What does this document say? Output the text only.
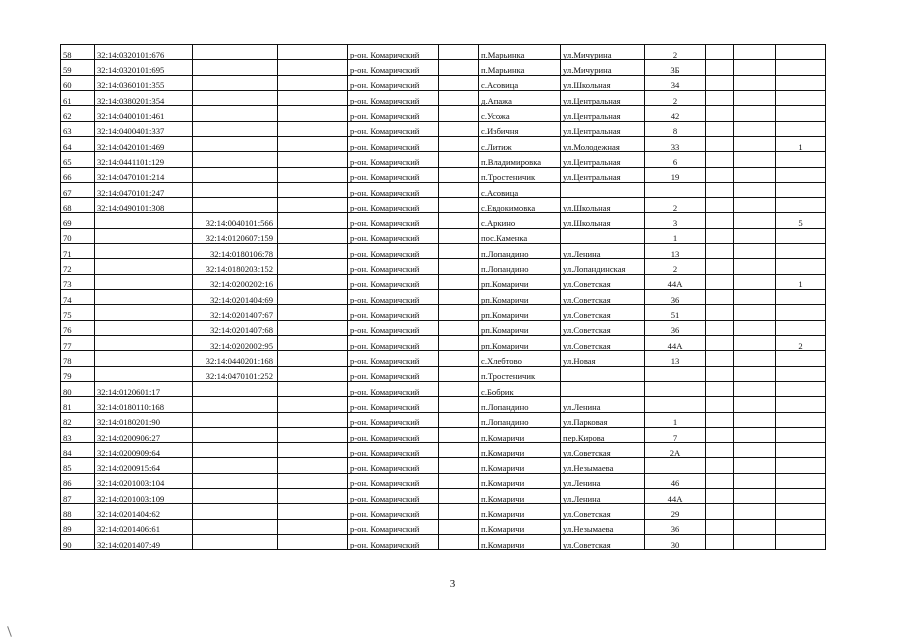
58	32:14:0320101:676			р-он. Комаричский		п.Марьинка	ул.Мичурина	2			
59	32:14:0320101:695			р-он. Комаричский		п.Марьинка	ул.Мичурина	3Б			
60	32:14:0360101:355			р-он. Комаричский		с.Асовица	ул.Школьная	34			
61	32:14:0380201:354			р-он. Комаричский		д.Апажа	ул.Центральная	2			
62	32:14:0400101:461			р-он. Комаричский		с.Усожа	ул.Центральная	42			
63	32:14:0400401:337			р-он. Комаричский		с.Избичня	ул.Центральная	8			
64	32:14:0420101:469			р-он. Комаричский		с.Литиж	ул.Молодежная	33			1
65	32:14:0441101:129			р-он. Комаричский		п.Владимировка	ул.Центральная	6			
66	32:14:0470101:214			р-он. Комаричский		п.Тростеничик	ул.Центральная	19			
67	32:14:0470101:247			р-он. Комаричский		с.Асовица					
68	32:14:0490101:308			р-он. Комаричский		с.Евдокимовка	ул.Школьная	2			
69		32:14:0040101:566		р-он. Комаричский		с.Аркино	ул.Школьная	3			5
70		32:14:0120607:159		р-он. Комаричский		пос.Каменка		1			
71		32:14:0180106:78		р-он. Комаричский		п.Лопандино	ул.Ленина	13			
72		32:14:0180203:152		р-он. Комаричский		п.Лопандино	ул.Лопандинская	2			
73		32:14:0200202:16		р-он. Комаричский		рп.Комаричи	ул.Советская	44А			1
74		32:14:0201404:69		р-он. Комаричский		рп.Комаричи	ул.Советская	36			
75		32:14:0201407:67		р-он. Комаричский		рп.Комаричи	ул.Советская	51			
76		32:14:0201407:68		р-он. Комаричский		рп.Комаричи	ул.Советская	36			
77		32:14:0202002:95		р-он. Комаричский		рп.Комаричи	ул.Советская	44А			2
78		32:14:0440201:168		р-он. Комаричский		с.Хлебтово	ул.Новая	13			
79		32:14:0470101:252		р-он. Комаричский		п.Тростеничик					
80	32:14:0120601:17			р-он. Комаричский		с.Бобрик					
81	32:14:0180110:168			р-он. Комаричский		п.Лопандино	ул.Ленина				
82	32:14:0180201:90			р-он. Комаричский		п.Лопандино	ул.Парковая	1			
83	32:14:0200906:27			р-он. Комаричский		п.Комаричи	пер.Кирова	7			
84	32:14:0200909:64			р-он. Комаричский		п.Комаричи	ул.Советская	2А			
85	32:14:0200915:64			р-он. Комаричский		п.Комаричи	ул.Незымаева				
86	32:14:0201003:104			р-он. Комаричский		п.Комаричи	ул.Ленина	46			
87	32:14:0201003:109			р-он. Комаричский		п.Комаричи	ул.Ленина	44А			
88	32:14:0201404:62			р-он. Комаричский		п.Комаричи	ул.Советская	29			
89	32:14:0201406:61			р-он. Комаричский		п.Комаричи	ул.Незымаева	36			
90	32:14:0201407:49			р-он. Комаричский		п.Комаричи	ул.Советская	30			
3
